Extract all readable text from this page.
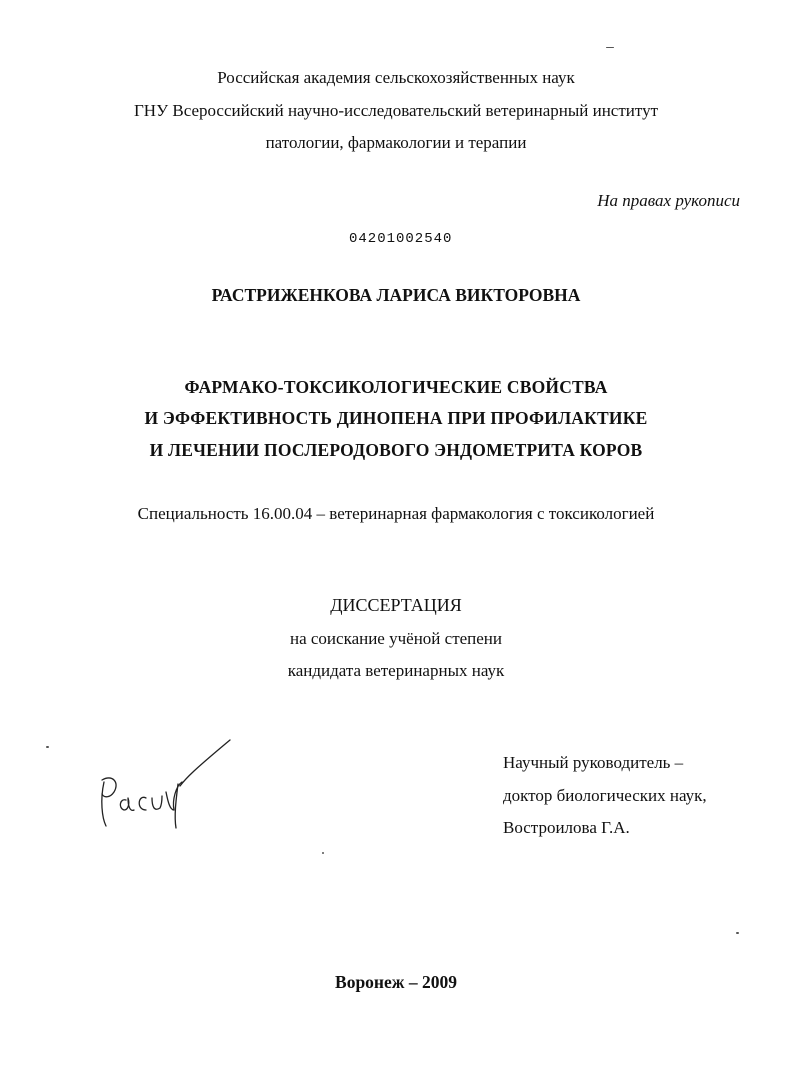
Российская академия сельскохозяйственных наук
ГНУ Всероссийский научно-исследовательский ветеринарный институт
патологии, фармакологии и терапии
На правах рукописи
04201002540
РАСТРИЖЕНКОВА ЛАРИСА ВИКТОРОВНА
ФАРМАКО-ТОКСИКОЛОГИЧЕСКИЕ СВОЙСТВА
И ЭФФЕКТИВНОСТЬ ДИНОПЕНА ПРИ ПРОФИЛАКТИКЕ
И ЛЕЧЕНИИ ПОСЛЕРОДОВОГО ЭНДОМЕТРИТА КОРОВ
Специальность 16.00.04 – ветеринарная фармакология с токсикологией
ДИССЕРТАЦИЯ
на соискание учёной степени
кандидата ветеринарных наук
Научный руководитель –
доктор биологических наук,
Востроилова Г.А.
Воронеж – 2009
